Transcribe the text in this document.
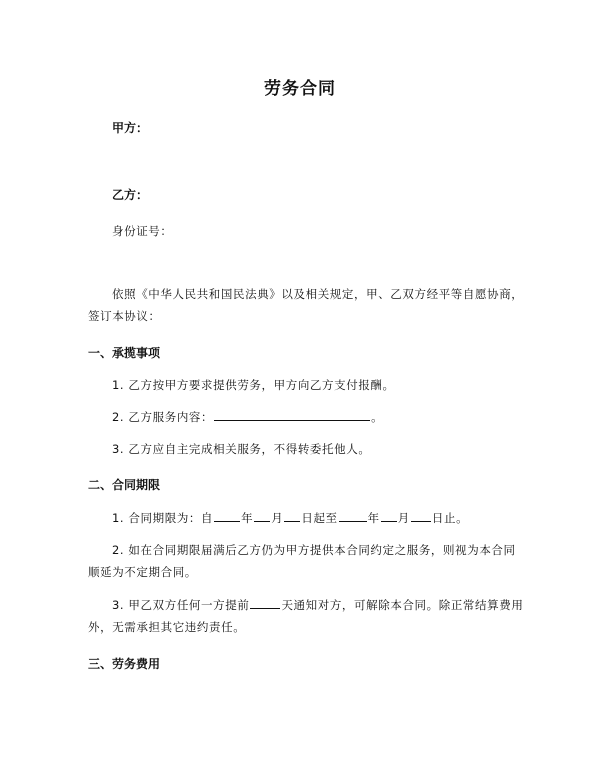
劳务合同
甲方：
乙方：
身份证号：
依照《中华人民共和国民法典》以及相关规定，甲、乙双方经平等自愿协商，
签订本协议：
一、承揽事项
1. 乙方按甲方要求提供劳务，甲方向乙方支付报酬。
2. 乙方服务内容：	。
3. 乙方应自主完成相关服务，不得转委托他人。
二、合同期限
1. 合同期限为：自 年 月 日起至	年 月 日止。
2. 如在合同期限届满后乙方仍为甲方提供本合同约定之服务，则视为本合同
顺延为不定期合同。
3. 甲乙双方任何一方提前	天通知对方，可解除本合同。除正常结算费用
外，无需承担其它违约责任。
三、劳务费用
